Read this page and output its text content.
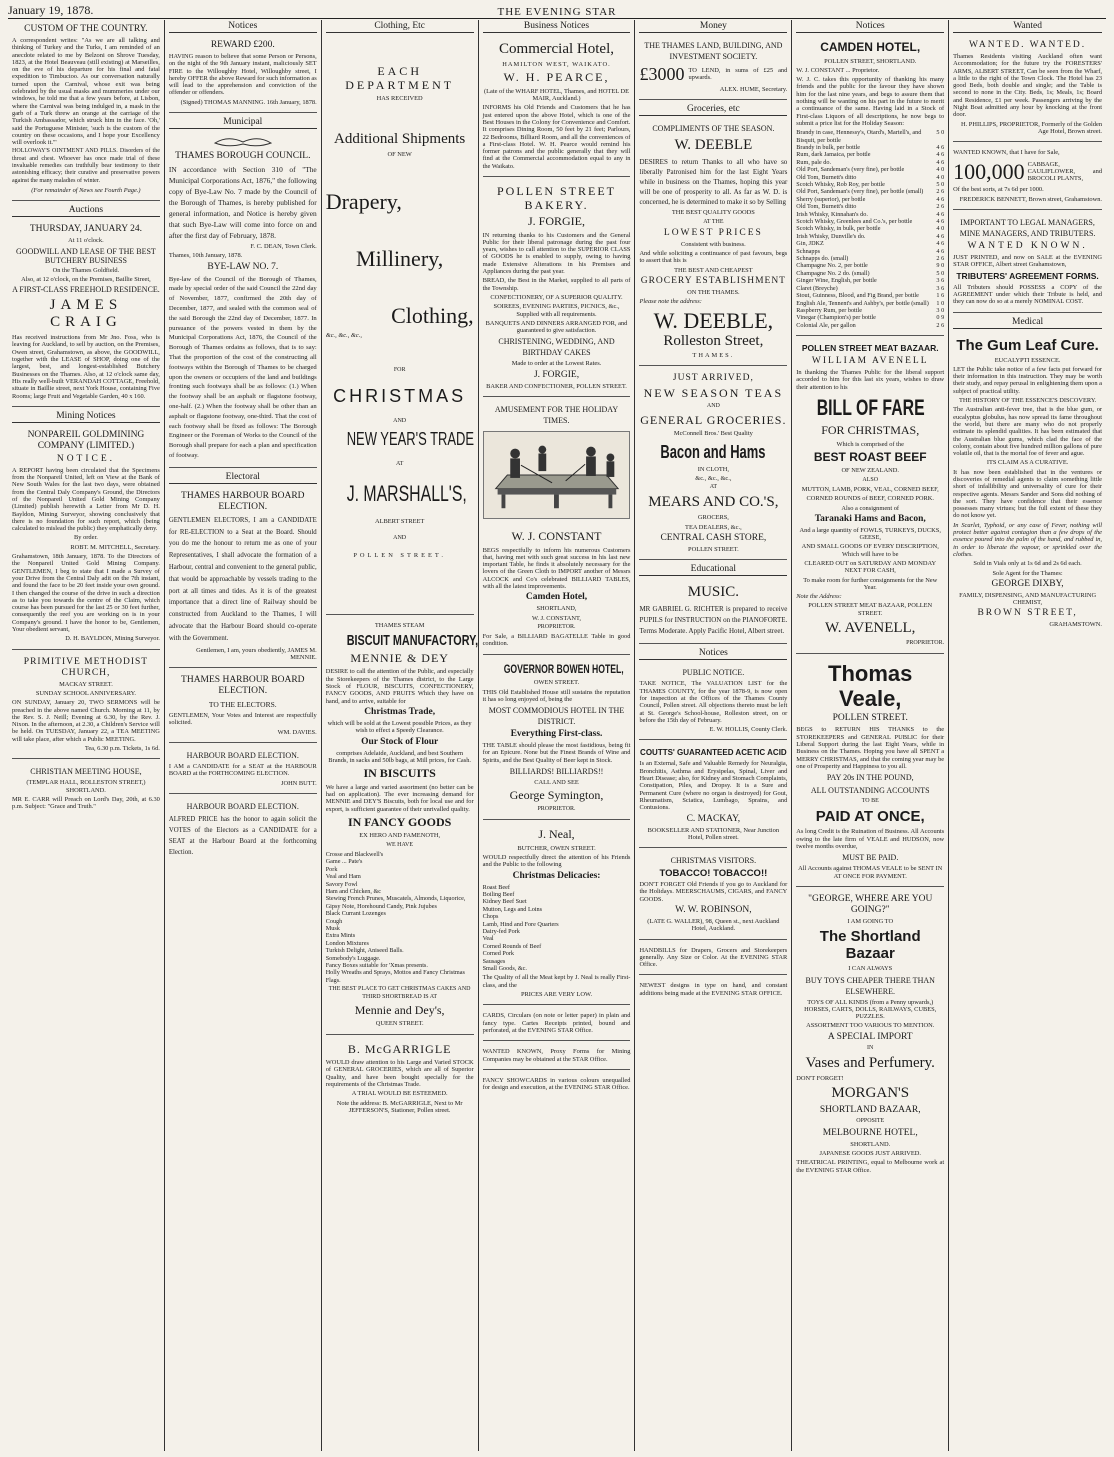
January 19, 1878.	THE EVENING STAR
CUSTOM OF THE COUNTRY.
A correspondent writes: "As we are all talking and thinking of Turkey and the Turks, I am reminded of an anecdote related to me by Belzoni on Shrove Tuesday, 1823, at the Hotel Beauveau (still existing) at Marseilles, on the eve of his departure for his final and fatal expedition to Timbuctoo. As our conversation naturally turned upon the Carnival, whose exit was being celebrated by the usual masks and mummeries under our windows, he told me that a few years before, at Lisbon, where the Carnival was being indulged in, a mask in the garb of a Turk threw an orange at the carriage of the Turkish Ambassador, which struck him in the face. 'Oh,' said the Portuguese Minister, 'such is the custom of the country on these occasions, and I hope your Excellency will overlook it.'"
HOLLOWAY'S OINTMENT AND PILLS. Disorders of the throat and chest. Whoever has once made trial of these invaluable remedies can truthfully bear testimony to their astonishing efficacy; their curative and preservative powers against the many maladies of winter.
(For remainder of News see Fourth Page.)
Auctions
THURSDAY, JANUARY 24.
At 11 o'clock.
GOODWILL AND LEASE OF THE BEST BUTCHERY BUSINESS
On the Thames Goldfield.
Also, at 12 o'clock, on the Premises, Baillie Street,
A FIRST-CLASS FREEHOLD RESIDENCE.
JAMES CRAIG
Has received instructions from Mr Jno. Foss, who is leaving for Auckland, to sell by auction, on the Premises, Owen street, Grahamstown, as above, the GOODWILL, together with the LEASE of SHOP, doing one of the largest, best, and longest-established Butchery Businesses on the Thames. Also, at 12 o'clock same day, His really well-built VERANDAH COTTAGE, Freehold, situate in Baillie street, next York House, containing Five Rooms; large Fruit and Vegetable Garden, 40 x 160.
Mining Notices
NONPAREIL GOLDMINING COMPANY (LIMITED.)
NOTICE.
A REPORT having been circulated that the Specimens from the Nonpareil United, left on View at the Bank of New South Wales for the last two days, were obtained from the Central Daly Company's Ground, the Directors of the Nonpareil United Gold Mining Company (Limited) publish herewith a Letter from Mr D. H. Bayldon, Mining Surveyor, showing conclusively that there is no foundation for such report, which (being calculated to mislead the public) they emphatically deny.
By order.
ROBT. M. MITCHELL, Secretary.
Grahamstown, 18th January, 1878. To the Directors of the Nonpareil United Gold Mining Company. GENTLEMEN, I beg to state that I made a Survey of your Drive from the Central Daly adit on the 7th instant, and found the face to be 20 feet inside your own ground. I then changed the course of the drive in such a direction as to take you towards the centre of the Claim, which course has been pursued for the last 25 or 30 feet further, consequently the reef you are working on is in your Company's ground. I have the honor to be, Gentlemen, Your obedient servant,
D. H. BAYLDON, Mining Surveyor.
PRIMITIVE METHODIST CHURCH,
MACKAY STREET.
SUNDAY SCHOOL ANNIVERSARY.
ON SUNDAY, January 20, TWO SERMONS will be preached in the above named Church. Morning at 11, by the Rev. S. J. Neill; Evening at 6.30, by the Rev. J. Nixon. In the afternoon, at 2.30, a Children's Service will be held. On TUESDAY, January 22, a TEA MEETING will take place, after which a Public MEETING.
Tea, 6.30 p.m. Tickets, 1s 6d.
CHRISTIAN MEETING HOUSE,
(TEMPLAR HALL, ROLLESTON STREET,) SHORTLAND.
MR E. CARR will Preach on Lord's Day, 20th, at 6.30 p.m. Subject: "Grace and Truth."
Notices
REWARD £200.
HAVING reason to believe that some Person or Persons, on the night of the 9th January instant, maliciously SET FIRE to the Willoughby Hotel, Willoughby street, I hereby OFFER the above Reward for such information as will lead to the apprehension and conviction of the offender or offenders.
(Signed) THOMAS MANNING. 16th January, 1878.
Municipal
THAMES BOROUGH COUNCIL.
IN accordance with Section 310 of "The Municipal Corporations Act, 1876," the following copy of Bye-Law No. 7 made by the Council of the Borough of Thames, is hereby published for general information, and Notice is hereby given that such Bye-Law will come into force on and after the first day of February, 1878.
F. C. DEAN, Town Clerk.
Thames, 10th January, 1878.
BYE-LAW NO. 7.
Bye-law of the Council of the Borough of Thames, made by special order of the said Council the 22nd day of November, 1877, confirmed the 20th day of December, 1877, and sealed with the common seal of the said Borough the 22nd day of December, 1877. In pursuance of the powers vested in them by the Municipal Corporations Act, 1876, the Council of the Borough of Thames ordains as follows, that is to say: That the proportion of the cost of the constructing all footways within the Borough of Thames to be charged upon the owners or occupiers of the land and buildings fronting such footways shall be as follows: (1.) When the footway shall be an asphalt or flagstone footway, one-half. (2.) When the footway shall be other than an asphalt or flagstone footway, one-third. That the cost of each footway shall be fixed as follows: The Borough Engineer or the Foreman of Works to the Council of the Borough shall prepare for each a plan and specification of footway.
Electoral
THAMES HARBOUR BOARD ELECTION.
GENTLEMEN ELECTORS, I am a CANDIDATE for RE-ELECTION to a Seat at the Board. Should you do me the honour to return me as one of your Representatives, I shall advocate the formation of a Harbour, central and convenient to the general public, that would be approachable by vessels trading to the port at all times and tides. As it is of the greatest importance that a direct line of Railway should be constructed from Auckland to the Thames, I will advocate that the Harbour Board should co-operate with the Government.
Gentlemen, I am, yours obediently, JAMES M. MENNIE.
THAMES HARBOUR BOARD ELECTION.
TO THE ELECTORS.
GENTLEMEN, Your Votes and Interest are respectfully solicited.
WM. DAVIES.
HARBOUR BOARD ELECTION.
I AM a CANDIDATE for a SEAT at the HARBOUR BOARD at the FORTHCOMING ELECTION.
JOHN BUTT.
HARBOUR BOARD ELECTION.
ALFRED PRICE has the honor to again solicit the VOTES of the Electors as a CANDIDATE for a SEAT at the Harbour Board at the forthcoming Election.
Clothing, Etc
EACH DEPARTMENT
HAS RECEIVED
Additional Shipments
OF NEW
Drapery,
Millinery,
Clothing,
&c., &c., &c.,
FOR
CHRISTMAS
AND
NEW YEAR'S TRADE
AT
J. MARSHALL'S,
ALBERT STREET
AND
POLLEN STREET.
THAMES STEAM
BISCUIT MANUFACTORY,
MENNIE & DEY
DESIRE to call the attention of the Public, and especially the Storekeepers of the Thames district, to the Large Stock of FLOUR, BISCUITS, CONFECTIONERY, FANCY GOODS, AND FRUITS Which they have on hand, and to arrive, suitable for
Christmas Trade,
which will be sold at the Lowest possible Prices, as they wish to effect a Speedy Clearance.
Our Stock of Flour
comprises Adelaide, Auckland, and best Southern Brands, in sacks and 50lb bags, at Mill prices, for Cash.
IN BISCUITS
We have a large and varied assortment (no better can be had on application). The ever increasing demand for MENNIE and DEY'S Biscuits, both for local use and for export, is sufficient guarantee of their unrivalled quality.
IN FANCY GOODS
EX HERO AND FAMENOTH,
WE HAVE
Crosse and Blackwell's
Game ... Pate's
Pork
Veal and Ham
Savory Fowl
Ham and Chicken, &c
Stewing French Prunes, Muscatels, Almonds, Liquorice, Gipsy Note, Horehound Candy, Pink Jujubes
Black Currant Lozenges
Cough
Musk
Extra Mints
London Mixtures
Turkish Delight, Aniseed Balls.
Somebody's Luggage.
Fancy Boxes suitable for 'Xmas presents.
Holly Wreaths and Sprays, Mottos and Fancy Christmas Flags.
THE BEST PLACE TO GET CHRISTMAS CAKES AND THIRD SHORTBREAD IS AT
Mennie and Dey's,
QUEEN STREET.
B. McGARRIGLE
WOULD draw attention to his Large and Varied STOCK of GENERAL GROCERIES, which are all of Superior Quality, and have been bought specially for the requirements of the Christmas Trade.
A TRIAL WOULD BE ESTEEMED.
Note the address: B. McGARRIGLE, Next to Mr JEFFERSON'S, Stationer, Pollen street.
Business Notices
Commercial Hotel,
HAMILTON WEST, WAIKATO.
W. H. PEARCE,
(Late of the WHARF HOTEL, Thames, and HOTEL DE MAIR, Auckland.)
INFORMS his Old Friends and Customers that he has just entered upon the above Hotel, which is one of the Best Houses in the Colony for Convenience and Comfort. It comprises Dining Room, 50 feet by 21 feet; Parlours, 22 Bedrooms, Billiard Room, and all the conveniences of a First-class Hotel. W. H. Pearce would remind his former patrons and the public generally that they will find at the Commercial accommodation equal to any in the Waikato.
POLLEN STREET BAKERY.
J. FORGIE,
IN returning thanks to his Customers and the General Public for their liberal patronage during the past four years, wishes to call attention to the SUPERIOR CLASS of GOODS he is enabled to supply, owing to having made Extensive Alterations in his Premises and Appliances during the past year.
BREAD, the Best in the Market, supplied to all parts of the Township.
CONFECTIONERY, OF A SUPERIOR QUALITY.
SOIREES, EVENING PARTIES, PICNICS, &c., Supplied with all requirements.
BANQUETS AND DINNERS ARRANGED FOR, and guaranteed to give satisfaction.
CHRISTENING, WEDDING, AND BIRTHDAY CAKES
Made to order at the Lowest Rates.
J. FORGIE,
BAKER AND CONFECTIONER, POLLEN STREET.
AMUSEMENT FOR THE HOLIDAY TIMES.
W. J. CONSTANT
BEGS respectfully to inform his numerous Customers that, having met with such great success in his last new important Table, he finds it absolutely necessary for the lovers of the Green Cloth to IMPORT another of Messrs ALCOCK and Co's celebrated BILLIARD TABLES, with all the latest improvements.
Camden Hotel,
SHORTLAND,
W. J. CONSTANT,
PROPRIETOR.
For Sale, a BILLIARD BAGATELLE Table in good condition.
GOVERNOR BOWEN HOTEL,
OWEN STREET.
THIS Old Established House still sustains the reputation it has so long enjoyed of, being the
MOST COMMODIOUS HOTEL IN THE DISTRICT.
Everything First-class.
THE TABLE should please the most fastidious, being fit for an Epicure. None but the Finest Brands of Wine and Spirits, and the Best Quality of Beer kept in Stock.
BILLIARDS! BILLIARDS!!
CALL AND SEE
George Symington,
PROPRIETOR.
J. Neal,
BUTCHER, OWEN STREET.
WOULD respectfully direct the attention of his Friends and the Public to the following
Christmas Delicacies:
Roast Beef
Boiling Beef
Kidney Beef Suet
Mutton, Legs and Loins
Chops
Lamb, Hind and Fore Quarters
Dairy-fed Pork
Veal
Corned Rounds of Beef
Corned Pork
Sausages
Small Goods, &c.
The Quality of all the Meat kept by J. Neal is really First-class, and the
PRICES ARE VERY LOW.
CARDS, Circulars (on note or letter paper) in plain and fancy type. Cartes Receipts printed, bound and perforated, at the EVENING STAR Office.
WANTED KNOWN, Proxy Forms for Mining Companies may be obtained at the STAR Office.
FANCY SHOWCARDS in various colours unequalled for design and execution, at the EVENING STAR Office.
Money
THE THAMES LAND, BUILDING, AND INVESTMENT SOCIETY.
£3000 TO LEND, in sums of £25 and upwards.
ALEX. HUME, Secretary.
Groceries, etc
COMPLIMENTS OF THE SEASON.
W. DEEBLE
DESIRES to return Thanks to all who have so liberally Patronised him for the last Eight Years while in business on the Thames, hoping this year will be one of prosperity to all. As far as W. D. is concerned, he is determined to make it so by Selling
THE BEST QUALITY GOODS
AT THE
LOWEST PRICES
Consistent with business.
And while soliciting a continuance of past favours, begs to assert that his is
THE BEST AND CHEAPEST
GROCERY ESTABLISHMENT
ON THE THAMES.
Please note the address:
W. DEEBLE,
Rolleston Street,
THAMES.
JUST ARRIVED,
NEW SEASON TEAS
AND
GENERAL GROCERIES.
McConnell Bros.' Best Quality
Bacon and Hams
IN CLOTH,
&c., &c., &c.,
AT
MEARS AND CO.'S,
GROCERS,
TEA DEALERS, &c.,
CENTRAL CASH STORE,
POLLEN STREET.
Educational
MUSIC.
MR GABRIEL G. RICHTER is prepared to receive PUPILS for INSTRUCTION on the PIANOFORTE. Terms Moderate. Apply Pacific Hotel, Albert street.
Notices
PUBLIC NOTICE.
TAKE NOTICE, The VALUATION LIST for the THAMES COUNTY, for the year 1878-9, is now open for inspection at the Offices of the Thames County Council, Pollen street. All objections thereto must be left at St. George's School-house, Rolleston street, on or before the 15th day of February.
E. W. HOLLIS, County Clerk.
COUTTS' GUARANTEED ACETIC ACID
Is an External, Safe and Valuable Remedy for Neuralgia, Bronchitis, Asthma and Erysipelas, Spinal, Liver and Heart Disease; also, for Kidney and Stomach Complaints, Constipation, Piles, and Dropsy. It is a Sure and Permanent Cure (where no organ is destroyed) for Gout, Rheumatism, Sciatica, Lumbago, Sprains, and Contusions.
C. MACKAY,
BOOKSELLER AND STATIONER, Near Junction Hotel, Pollen street.
CHRISTMAS VISITORS.
TOBACCO! TOBACCO!!
DON'T FORGET Old Friends if you go to Auckland for the Holidays. MEERSCHAUMS, CIGARS, and FANCY GOODS.
W. W. ROBINSON,
(LATE G. WALLER), 98, Queen st., next Auckland Hotel, Auckland.
HANDBILLS for Drapers, Grocers and Storekeepers generally. Any Size or Color. At the EVENING STAR Office.
NEWEST designs in type on hand, and constant additions being made at the EVENING STAR OFFICE.
Notices
CAMDEN HOTEL,
POLLEN STREET, SHORTLAND.
W. J. CONSTANT ... Proprietor.
W. J. C. takes this opportunity of thanking his many friends and the public for the favour they have shown him for the last nine years, and begs to assure them that nothing will be wanting on his part in the future to merit a continuance of the same. Having laid in a Stock of First-class Liquors of all descriptions, he now begs to submit a price list for the Holiday Season:
Brandy in case, Hennessy's, Otard's, Martell's, and Bisquit, per bottle
5 0
Brandy in bulk, per bottle	4 6
Rum, dark Jamaica, per bottle	4 6
Rum, pale do.	4 6
Old Port, Sandeman's (very fine), per bottle	4 0
Old Tom, Burnett's ditto	4 0
Scotch Whisky, Rob Roy, per bottle	5 0
Old Port, Sandeman's (very fine), per bottle (small)	2 6
Sherry (superior), per bottle	4 6
Old Tom, Burnett's ditto	2 6
Irish Whisky, Kinnahan's do.	4 6
Scotch Whisky, Greenlees and Co.'s, per bottle	4 6
Scotch Whisky, in bulk, per bottle	4 0
Irish Whisky, Dunville's do.	4 6
Gin, JDKZ	4 6
Schnapps	4 6
Schnapps do. (small)	2 6
Champagne No. 2, per bottle	9 0
Champagne No. 2 do. (small)	5 0
Ginger Wine, English, per bottle	3 6
Claret (Breyche)	3 6
Stout, Guinness, Blood, and Fig Brand, per bottle	1 6
English Ale, Tennent's and Ashby's, per bottle (small)	1 0
Raspberry Rum, per bottle	3 0
Vinegar (Champion's) per bottle	0 9
Colonial Ale, per gallon	2 6
POLLEN STREET MEAT BAZAAR.
WILLIAM AVENELL
In thanking the Thames Public for the liberal support accorded to him for this last six years, wishes to draw their attention to his
BILL OF FARE
FOR CHRISTMAS,
Which is comprised of the
BEST ROAST BEEF
OF NEW ZEALAND.
ALSO
MUTTON, LAMB, PORK, VEAL, CORNED BEEF,
CORNED ROUNDS of BEEF, CORNED PORK.
Also a consignment of
Taranaki Hams and Bacon,
And a large quantity of FOWLS, TURKEYS, DUCKS, GEESE,
AND SMALL GOODS OF EVERY DESCRIPTION, Which will have to be
CLEARED OUT on SATURDAY AND MONDAY NEXT FOR CASH,
To make room for further consignments for the New Year.
Note the Address:
POLLEN STREET MEAT BAZAAR, POLLEN STREET.
W. AVENELL,
PROPRIETOR.
Thomas Veale,
POLLEN STREET.
BEGS to RETURN HIS THANKS to the STOREKEEPERS and GENERAL PUBLIC for their Liberal Support during the last Eight Years, while in Business on the Thames. Hoping you have all SPENT a MERRY CHRISTMAS, and that the coming year may be one of Prosperity and Happiness to you all.
PAY 20s IN THE POUND,
ALL OUTSTANDING ACCOUNTS
TO BE
PAID AT ONCE,
As long Credit is the Ruination of Business. All Accounts owing to the late firm of VEALE and HUDSON, now twelve months overdue,
MUST BE PAID.
All Accounts against THOMAS VEALE to be SENT IN AT ONCE FOR PAYMENT.
"GEORGE, WHERE ARE YOU GOING?"
I AM GOING TO
The Shortland Bazaar
I CAN ALWAYS
BUY TOYS CHEAPER THERE THAN ELSEWHERE.
TOYS OF ALL KINDS (from a Penny upwards,) HORSES, CARTS, DOLLS, RAILWAYS, CUBES, PUZZLES.
ASSORTMENT TOO VARIOUS TO MENTION.
A SPECIAL IMPORT
IN
Vases and Perfumery.
DON'T FORGET!
MORGAN'S
SHORTLAND BAZAAR,
OPPOSITE
MELBOURNE HOTEL,
SHORTLAND.
JAPANESE GOODS JUST ARRIVED.
THEATRICAL PRINTING, equal to Melbourne work at the EVENING STAR Office.
Wanted
WANTED. WANTED.
Thames Residents visiting Auckland often want Accommodation; for the future try the FORESTERS' ARMS, ALBERT STREET, Can be seen from the Wharf, a little to the right of the Town Clock. The Hotel has 23 good Beds, both double and single; and the Table is second to none in the City. Beds, 1s; Meals, 1s; Board and Residence, £1 per week. Passengers arriving by the Night Boat admitted any hour by knocking at the front door.
H. PHILLIPS, PROPRIETOR, Formerly of the Golden Age Hotel, Brown street.
WANTED KNOWN, that I have for Sale,
100,000 CABBAGE, CAULIFLOWER, and BROCOLI PLANTS,
Of the best sorts, at 7s 6d per 1000.
FREDERICK BENNETT, Brown street, Grahamstown.
IMPORTANT TO LEGAL MANAGERS, MINE MANAGERS, AND TRIBUTERS.
WANTED KNOWN.
JUST PRINTED, and now on SALE at the EVENING STAR OFFICE, Albert street Grahamstown,
TRIBUTERS' AGREEMENT FORMS.
All Tributers should POSSESS a COPY of the AGREEMENT under which their Tribute is held, and they can now do so at a merely NOMINAL COST.
Medical
The Gum Leaf Cure.
EUCALYPTI ESSENCE.
LET the Public take notice of a few facts put forward for their information in this instruction. They may be worth their study, and repay perusal in enlightening them upon a subject of practical utility.
THE HISTORY OF THE ESSENCE'S DISCOVERY.
The Australian anti-fever tree, that is the blue gum, or eucalyptus globulus, has now spread its fame throughout the world, but there are many who do not properly estimate its splendid qualities. It has been estimated that the Australian blue gums, which clad the face of the colony, contain about five hundred million gallons of pure volatile oil, that is the mortal foe of fever and ague.
ITS CLAIM AS A CURATIVE.
It has now been established that in the ventures or discoveries of remedial agents to claim something little short of infallibility and universality of cure for their respective agents. Messrs Sander and Sons did nothing of the sort. They have confidence that their essence possesses many virtues; but the full extent of these they do not know yet.
In Scarlet, Typhoid, or any case of Fever, nothing will protect better against contagion than a few drops of the essence poured into the palm of the hand, and rubbed in, in order to liberate the vapour, or sprinkled over the clothes.
Sold in Vials only at 1s 6d and 2s 6d each.
Sole Agent for the Thames:
GEORGE DIXBY,
FAMILY, DISPENSING, AND MANUFACTURING CHEMIST,
BROWN STREET,
GRAHAMSTOWN.
